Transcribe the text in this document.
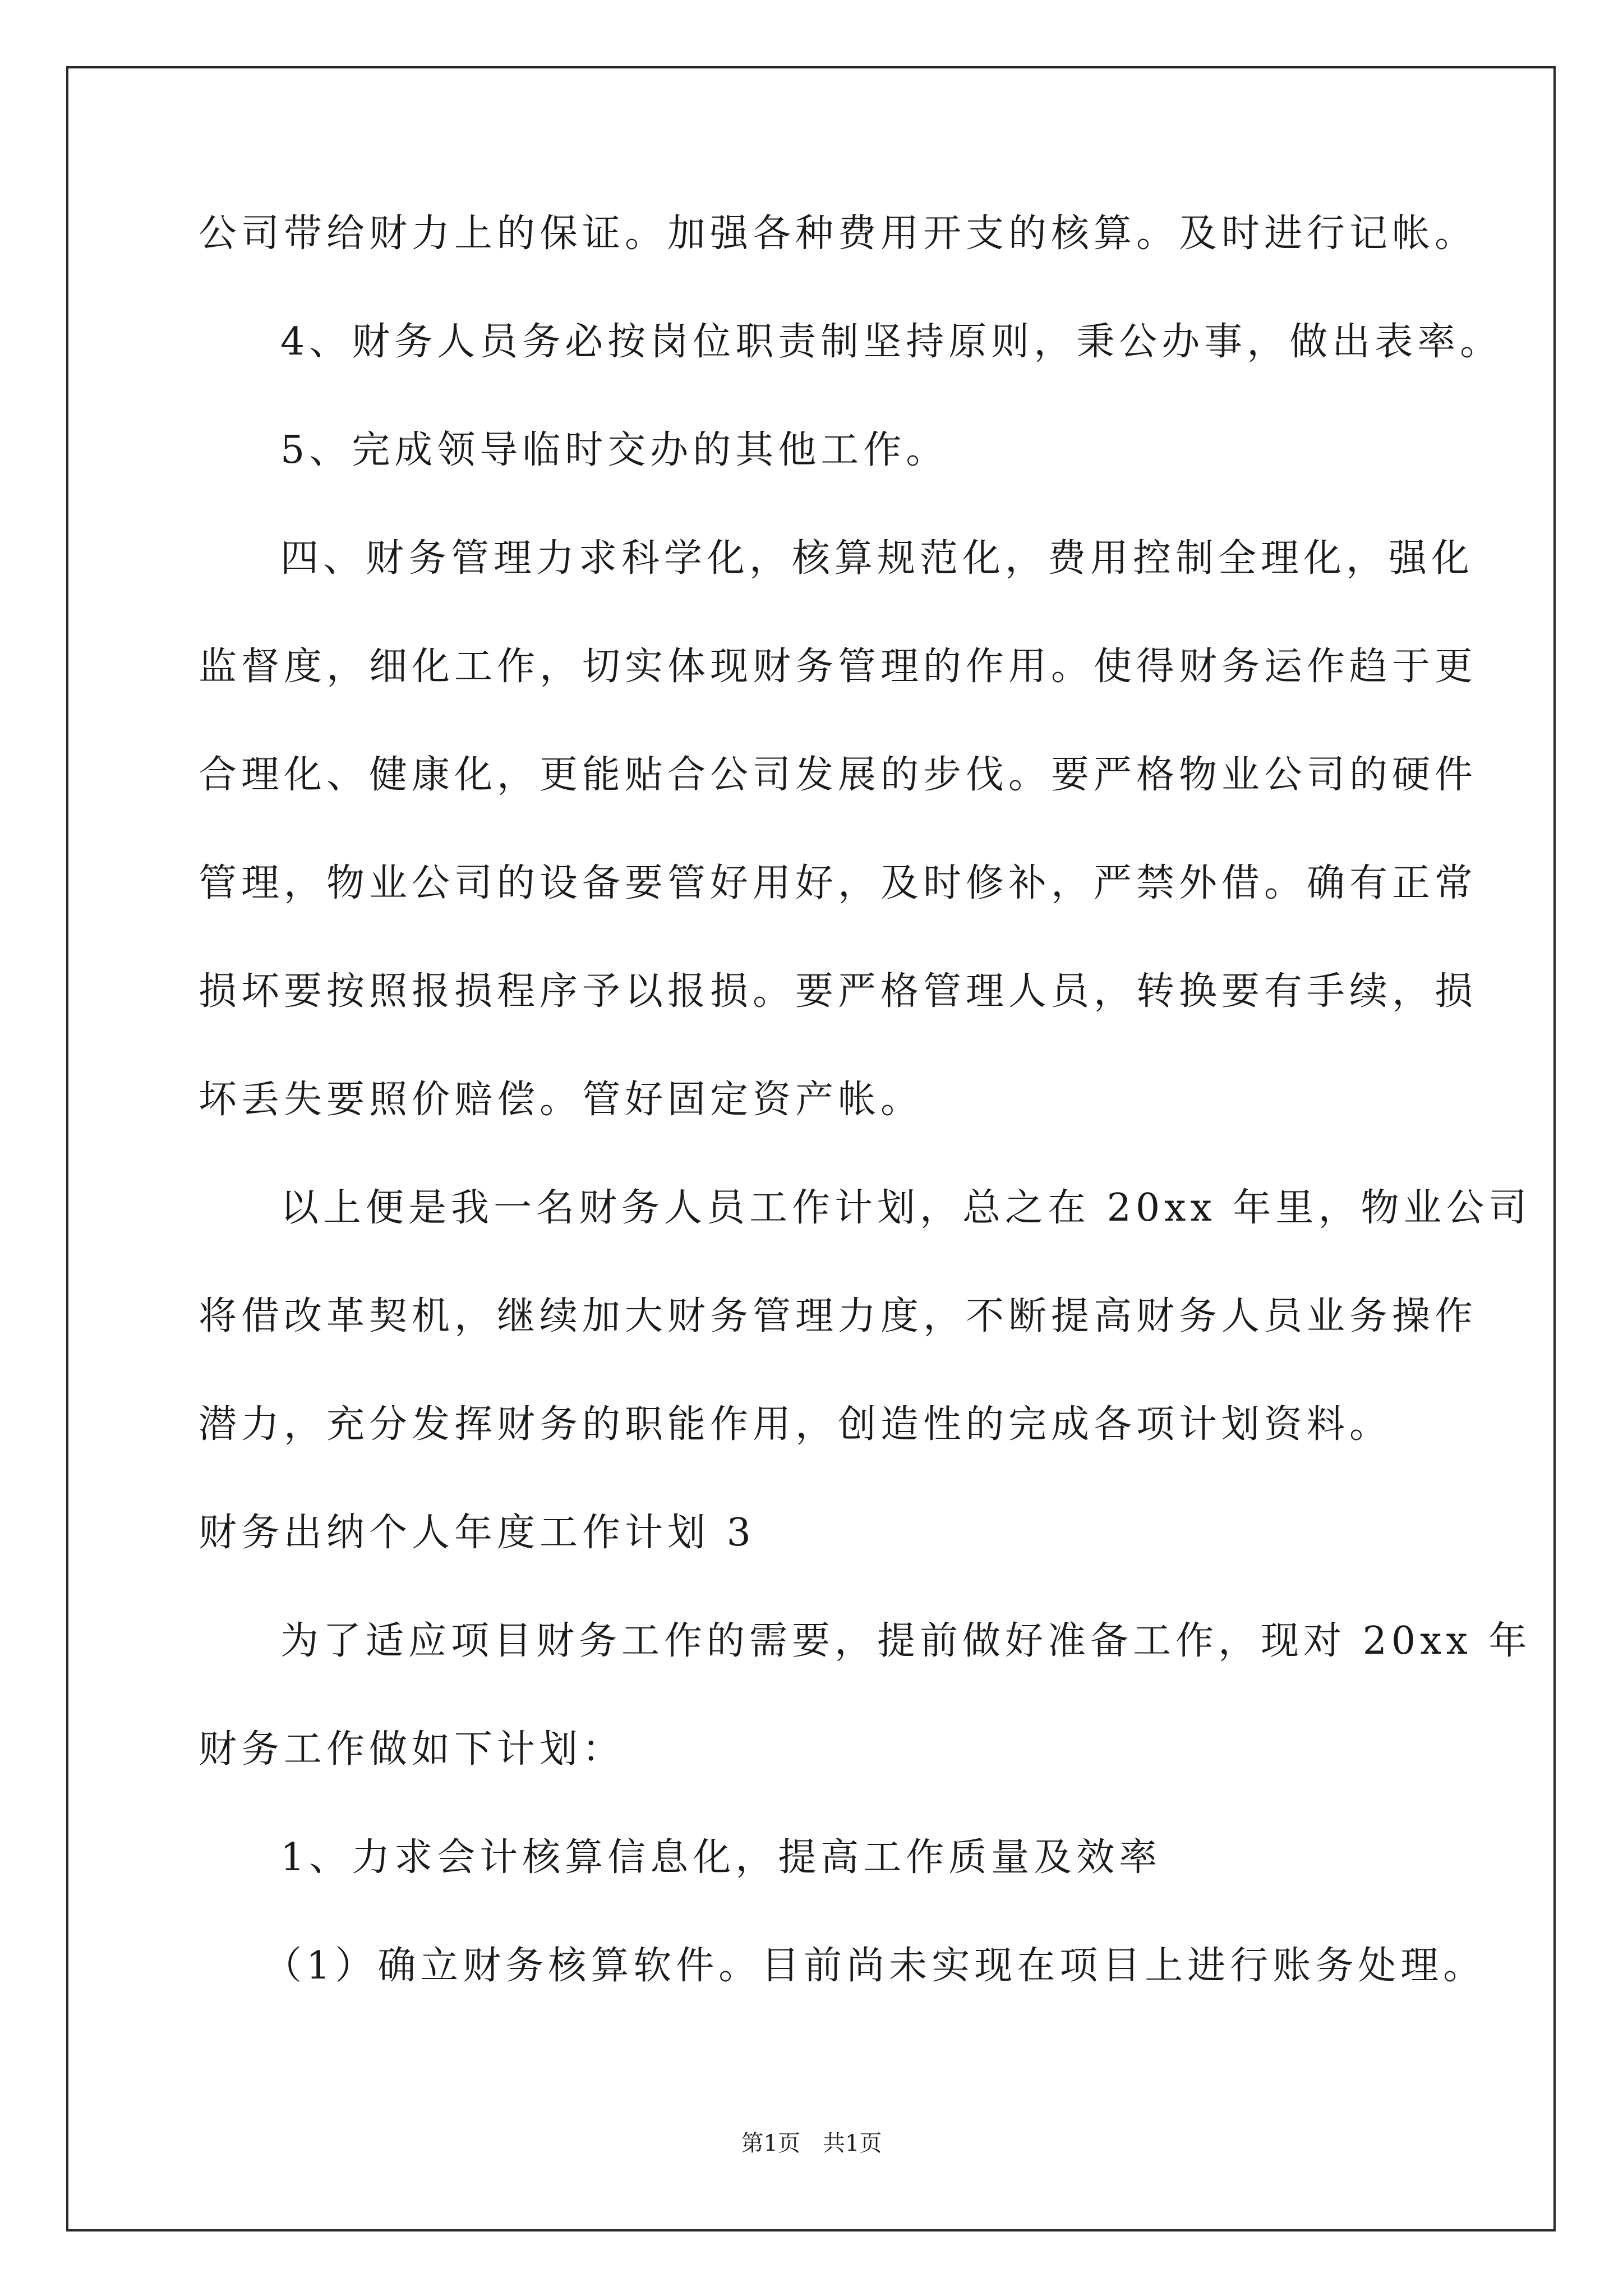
公司带给财力上的保证。加强各种费用开支的核算。及时进行记帐。
4、财务人员务必按岗位职责制坚持原则，秉公办事，做出表率。
5、完成领导临时交办的其他工作。
四、财务管理力求科学化，核算规范化，费用控制全理化，强化
监督度，细化工作，切实体现财务管理的作用。使得财务运作趋于更
合理化、健康化，更能贴合公司发展的步伐。要严格物业公司的硬件
管理，物业公司的设备要管好用好，及时修补，严禁外借。确有正常
损坏要按照报损程序予以报损。要严格管理人员，转换要有手续，损
坏丢失要照价赔偿。管好固定资产帐。
以上便是我一名财务人员工作计划，总之在 20xx 年里，物业公司
将借改革契机，继续加大财务管理力度，不断提高财务人员业务操作
潜力，充分发挥财务的职能作用，创造性的完成各项计划资料。
财务出纳个人年度工作计划 3
为了适应项目财务工作的需要，提前做好准备工作，现对 20xx 年
财务工作做如下计划：
1、力求会计核算信息化，提高工作质量及效率
（1）确立财务核算软件。目前尚未实现在项目上进行账务处理。
第1页　共1页
